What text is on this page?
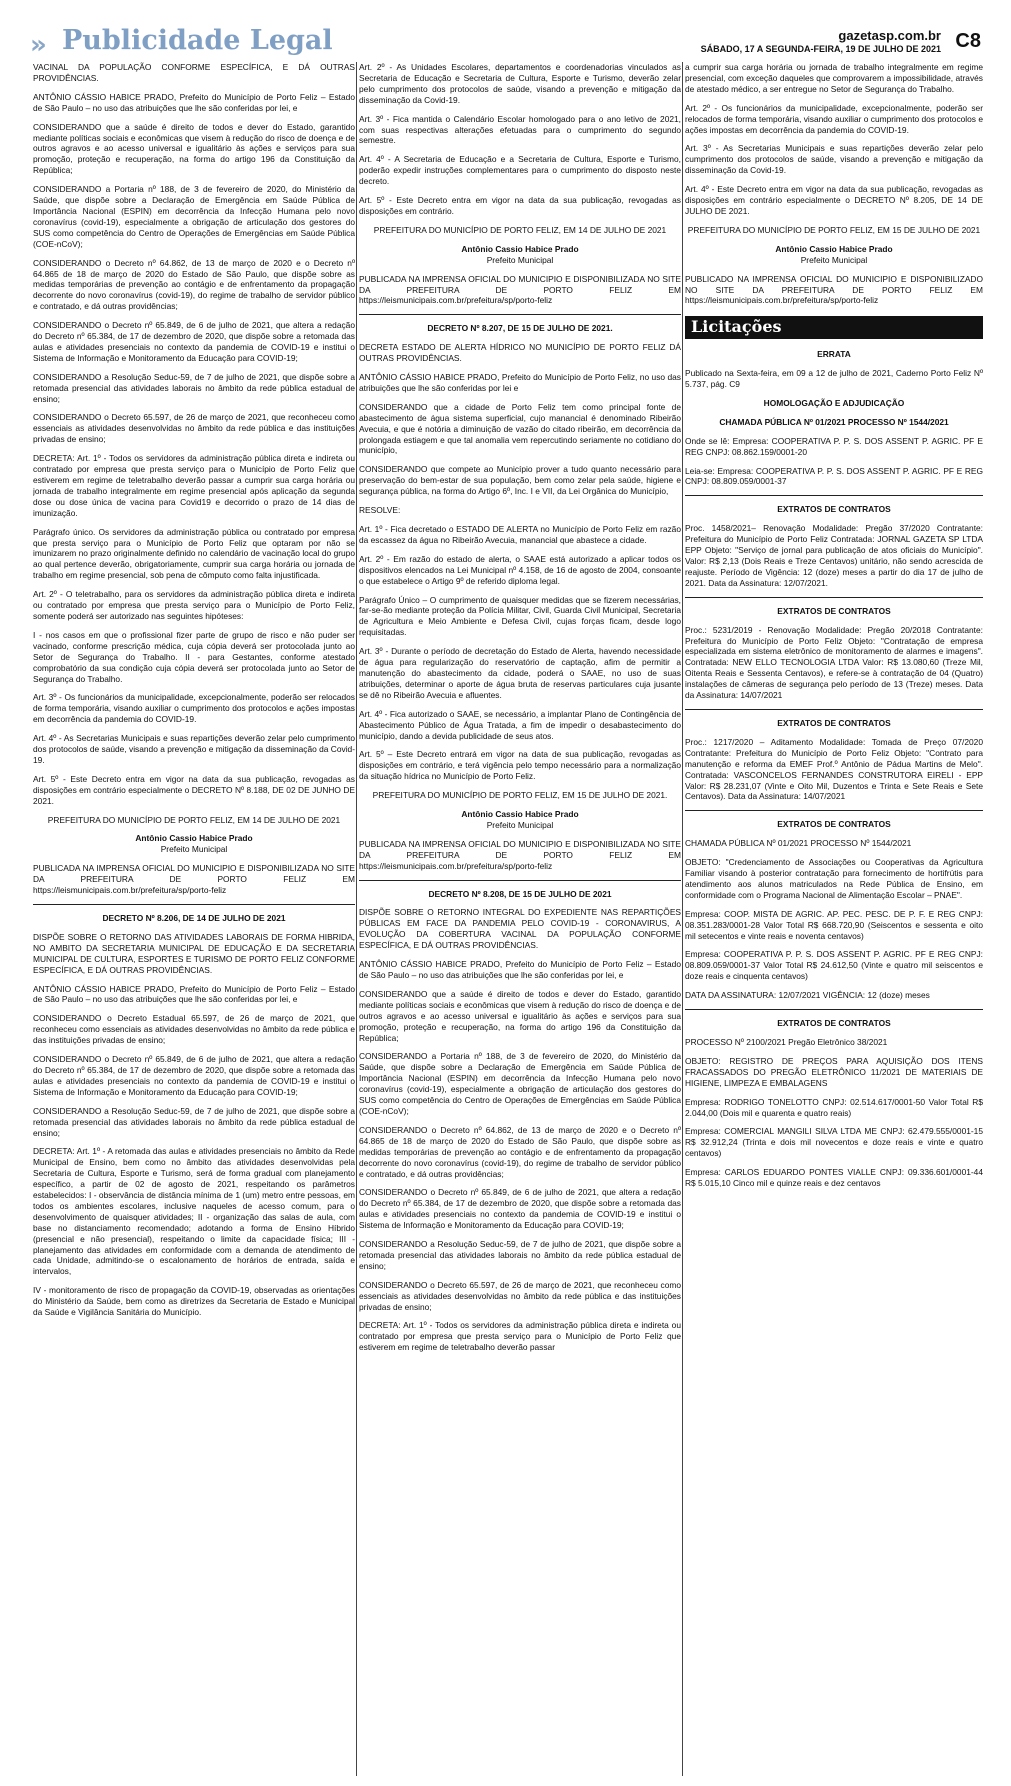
» Publicidade Legal	gazetasp.com.br
SÁBADO, 17 A SEGUNDA-FEIRA, 19 DE JULHO DE 2021 C8

VACINAL DA POPULAÇÃO CONFORME ESPECÍFICA, E DÁ OUTRAS PROVIDÊNCIAS.

ANTÔNIO CÁSSIO HABICE PRADO, Prefeito do Município de Porto Feliz – Estado de São Paulo – no uso das atribuições que lhe são conferidas por lei, e

CONSIDERANDO que a saúde é direito de todos e dever do Estado, garantido mediante políticas sociais e econômicas que visem à redução do risco de doença e de outros agravos e ao acesso universal e igualitário às ações e serviços para sua promoção, proteção e recuperação, na forma do artigo 196 da Constituição da República;

CONSIDERANDO a Portaria nº 188, de 3 de fevereiro de 2020, do Ministério da Saúde, que dispõe sobre a Declaração de Emergência em Saúde Pública de Importância Nacional (ESPIN) em decorrência da Infecção Humana pelo novo coronavírus (covid-19), especialmente a obrigação de articulação dos gestores do SUS como competência do Centro de Operações de Emergências em Saúde Pública (COE-nCoV);

CONSIDERANDO o Decreto nº 64.862, de 13 de março de 2020 e o Decreto nº 64.865 de 18 de março de 2020 do Estado de São Paulo, que dispõe sobre as medidas temporárias de prevenção ao contágio e de enfrentamento da propagação decorrente do novo coronavírus (covid-19), do regime de trabalho de servidor público e contratado, e dá outras providências;

CONSIDERANDO o Decreto nº 65.849, de 6 de julho de 2021, que altera a redação do Decreto nº 65.384, de 17 de dezembro de 2020, que dispõe sobre a retomada das aulas e atividades presenciais no contexto da pandemia de COVID-19 e institui o Sistema de Informação e Monitoramento da Educação para COVID-19;

CONSIDERANDO a Resolução Seduc-59, de 7 de julho de 2021, que dispõe sobre a retomada presencial das atividades laborais no âmbito da rede pública estadual de ensino;

CONSIDERANDO o Decreto 65.597, de 26 de março de 2021, que reconheceu como essenciais as atividades desenvolvidas no âmbito da rede pública e das instituições privadas de ensino;

DECRETA: Art. 1º - Todos os servidores da administração pública direta e indireta ou contratado por empresa que presta serviço para o Município de Porto Feliz que estiverem em regime de teletrabalho deverão passar a cumprir sua carga horária ou jornada de trabalho integralmente em regime presencial após aplicação da segunda dose ou dose única de vacina para Covid19 e decorrido o prazo de 14 dias de imunização.

Parágrafo único. Os servidores da administração pública ou contratado por empresa que presta serviço para o Município de Porto Feliz que optaram por não se imunizarem no prazo originalmente definido no calendário de vacinação local do grupo ao qual pertence deverão, obrigatoriamente, cumprir sua carga horária ou jornada de trabalho em regime presencial, sob pena de cômputo como falta injustificada.

Art. 2º - O teletrabalho, para os servidores da administração pública direta e indireta ou contratado por empresa que presta serviço para o Município de Porto Feliz, somente poderá ser autorizado nas seguintes hipóteses:

I - nos casos em que o profissional fizer parte de grupo de risco e não puder ser vacinado, conforme prescrição médica, cuja cópia deverá ser protocolada junto ao Setor de Segurança do Trabalho. II - para Gestantes, conforme atestado comprobatório da sua condição cuja cópia deverá ser protocolada junto ao Setor de Segurança do Trabalho.

Art. 3º - Os funcionários da municipalidade, excepcionalmente, poderão ser relocados de forma temporária, visando auxiliar o cumprimento dos protocolos e ações impostas em decorrência da pandemia do COVID-19.

Art. 4º - As Secretarias Municipais e suas repartições deverão zelar pelo cumprimento dos protocolos de saúde, visando a prevenção e mitigação da disseminação da Covid-19.

Art. 5º - Este Decreto entra em vigor na data da sua publicação, revogadas as disposições em contrário especialmente o DECRETO Nº 8.188, DE 02 DE JUNHO DE 2021.

PREFEITURA DO MUNICÍPIO DE PORTO FELIZ, EM 14 DE JULHO DE 2021

Antônio Cassio Habice Prado

Prefeito Municipal

PUBLICADA NA IMPRENSA OFICIAL DO MUNICIPIO E DISPONIBILIZADA NO SITE DA PREFEITURA DE PORTO FELIZ EM https://leismunicipais.com.br/prefeitura/sp/porto-feliz

DECRETO Nº 8.206, DE 14 DE JULHO DE 2021

DISPÕE SOBRE O RETORNO DAS ATIVIDADES LABORAIS DE FORMA HIBRIDA, NO AMBITO DA SECRETARIA MUNICIPAL DE EDUCAÇÃO E DA SECRETARIA MUNICIPAL DE CULTURA, ESPORTES E TURISMO DE PORTO FELIZ CONFORME ESPECÍFICA, E DÁ OUTRAS PROVIDÊNCIAS.

ANTÔNIO CÁSSIO HABICE PRADO, Prefeito do Município de Porto Feliz – Estado de São Paulo – no uso das atribuições que lhe são conferidas por lei, e

CONSIDERANDO o Decreto Estadual 65.597, de 26 de março de 2021, que reconheceu como essenciais as atividades desenvolvidas no âmbito da rede pública e das instituições privadas de ensino;

CONSIDERANDO o Decreto nº 65.849, de 6 de julho de 2021, que altera a redação do Decreto nº 65.384, de 17 de dezembro de 2020, que dispõe sobre a retomada das aulas e atividades presenciais no contexto da pandemia de COVID-19 e institui o Sistema de Informação e Monitoramento da Educação para COVID-19;

CONSIDERANDO a Resolução Seduc-59, de 7 de julho de 2021, que dispõe sobre a retomada presencial das atividades laborais no âmbito da rede pública estadual de ensino;

DECRETA: Art. 1º - A retomada das aulas e atividades presenciais no âmbito da Rede Municipal de Ensino, bem como no âmbito das atividades desenvolvidas pela Secretaria de Cultura, Esporte e Turismo, será de forma gradual com planejamento específico, a partir de 02 de agosto de 2021, respeitando os parâmetros estabelecidos: I - observância de distância mínima de 1 (um) metro entre pessoas, em todos os ambientes escolares, inclusive naqueles de acesso comum, para o desenvolvimento de quaisquer atividades; II - organização das salas de aula, com base no distanciamento recomendado; adotando a forma de Ensino Híbrido (presencial e não presencial), respeitando o limite da capacidade física; III - planejamento das atividades em conformidade com a demanda de atendimento de cada Unidade, admitindo-se o escalonamento de horários de entrada, saída e intervalos,

IV - monitoramento de risco de propagação da COVID-19, observadas as orientações do Ministério da Saúde, bem como as diretrizes da Secretaria de Estado e Municipal da Saúde e Vigilância Sanitária do Município.

Art. 2º - As Unidades Escolares, departamentos e coordenadorias vinculados as Secretaria de Educação e Secretaria de Cultura, Esporte e Turismo, deverão zelar pelo cumprimento dos protocolos de saúde, visando a prevenção e mitigação da disseminação da Covid-19.

Art. 3º - Fica mantida o Calendário Escolar homologado para o ano letivo de 2021, com suas respectivas alterações efetuadas para o cumprimento do segundo semestre.

Art. 4º - A Secretaria de Educação e a Secretaria de Cultura, Esporte e Turismo, poderão expedir instruções complementares para o cumprimento do disposto neste decreto.

Art. 5º - Este Decreto entra em vigor na data da sua publicação, revogadas as disposições em contrário.

PREFEITURA DO MUNICÍPIO DE PORTO FELIZ, EM 14 DE JULHO DE 2021

Antônio Cassio Habice Prado

Prefeito Municipal

PUBLICADA NA IMPRENSA OFICIAL DO MUNICIPIO E DISPONIBILIZADA NO SITE DA PREFEITURA DE PORTO FELIZ EM https://leismunicipais.com.br/prefeitura/sp/porto-feliz

DECRETO Nº 8.207, DE 15 DE JULHO DE 2021.

DECRETA ESTADO DE ALERTA HÍDRICO NO MUNICÍPIO DE PORTO FELIZ DÁ OUTRAS PROVIDÊNCIAS.

ANTÔNIO CÁSSIO HABICE PRADO, Prefeito do Município de Porto Feliz, no uso das atribuições que lhe são conferidas por lei e

CONSIDERANDO que a cidade de Porto Feliz tem como principal fonte de abastecimento de água sistema superficial, cujo manancial é denominado Ribeirão Avecuia, e que é notória a diminuição de vazão do citado ribeirão, em decorrência da prolongada estiagem e que tal anomalia vem repercutindo seriamente no cotidiano do município,

CONSIDERANDO que compete ao Município prover a tudo quanto necessário para preservação do bem-estar de sua população, bem como zelar pela saúde, higiene e segurança pública, na forma do Artigo 6º, Inc. I e VII, da Lei Orgânica do Município,

RESOLVE:

Art. 1º - Fica decretado o ESTADO DE ALERTA no Município de Porto Feliz em razão da escassez da água no Ribeirão Avecuia, manancial que abastece a cidade.

Art. 2º - Em razão do estado de alerta, o SAAE está autorizado a aplicar todos os dispositivos elencados na Lei Municipal nº 4.158, de 16 de agosto de 2004, consoante o que estabelece o Artigo 9º de referido diploma legal.

Parágrafo Único – O cumprimento de quaisquer medidas que se fizerem necessárias, far-se-ão mediante proteção da Polícia Militar, Civil, Guarda Civil Municipal, Secretaria de Agricultura e Meio Ambiente e Defesa Civil, cujas forças ficam, desde logo requisitadas.

Art. 3º - Durante o período de decretação do Estado de Alerta, havendo necessidade de água para regularização do reservatório de captação, afim de permitir a manutenção do abastecimento da cidade, poderá o SAAE, no uso de suas atribuições, determinar o aporte de água bruta de reservas particulares cuja jusante se dê no Ribeirão Avecuia e afluentes.

Art. 4º - Fica autorizado o SAAE, se necessário, a implantar Plano de Contingência de Abastecimento Público de Água Tratada, a fim de impedir o desabastecimento do município, dando a devida publicidade de seus atos.

Art. 5º – Este Decreto entrará em vigor na data de sua publicação, revogadas as disposições em contrário, e terá vigência pelo tempo necessário para a normalização da situação hídrica no Município de Porto Feliz.

PREFEITURA DO MUNICÍPIO DE PORTO FELIZ, EM 15 DE JULHO DE 2021.

Antônio Cassio Habice Prado

Prefeito Municipal

PUBLICADA NA IMPRENSA OFICIAL DO MUNICIPIO E DISPONIBILIZADA NO SITE DA PREFEITURA DE PORTO FELIZ EM https://leismunicipais.com.br/prefeitura/sp/porto-feliz

DECRETO Nº 8.208, DE 15 DE JULHO DE 2021

DISPÕE SOBRE O RETORNO INTEGRAL DO EXPEDIENTE NAS REPARTIÇÕES PÚBLICAS EM FACE DA PANDEMIA PELO COVID-19 - CORONAVIRUS, A EVOLUÇÃO DA COBERTURA VACINAL DA POPULAÇÃO CONFORME ESPECÍFICA, E DÁ OUTRAS PROVIDÊNCIAS.

ANTÔNIO CÁSSIO HABICE PRADO, Prefeito do Município de Porto Feliz – Estado de São Paulo – no uso das atribuições que lhe são conferidas por lei, e

CONSIDERANDO que a saúde é direito de todos e dever do Estado, garantido mediante políticas sociais e econômicas que visem à redução do risco de doença e de outros agravos e ao acesso universal e igualitário às ações e serviços para sua promoção, proteção e recuperação, na forma do artigo 196 da Constituição da República;

CONSIDERANDO a Portaria nº 188, de 3 de fevereiro de 2020, do Ministério da Saúde, que dispõe sobre a Declaração de Emergência em Saúde Pública de Importância Nacional (ESPIN) em decorrência da Infecção Humana pelo novo coronavírus (covid-19), especialmente a obrigação de articulação dos gestores do SUS como competência do Centro de Operações de Emergências em Saúde Pública (COE-nCoV);

CONSIDERANDO o Decreto nº 64.862, de 13 de março de 2020 e o Decreto nº 64.865 de 18 de março de 2020 do Estado de São Paulo, que dispõe sobre as medidas temporárias de prevenção ao contágio e de enfrentamento da propagação decorrente do novo coronavírus (covid-19), do regime de trabalho de servidor público e contratado, e dá outras providências;

CONSIDERANDO o Decreto nº 65.849, de 6 de julho de 2021, que altera a redação do Decreto nº 65.384, de 17 de dezembro de 2020, que dispõe sobre a retomada das aulas e atividades presenciais no contexto da pandemia de COVID-19 e institui o Sistema de Informação e Monitoramento da Educação para COVID-19;

CONSIDERANDO a Resolução Seduc-59, de 7 de julho de 2021, que dispõe sobre a retomada presencial das atividades laborais no âmbito da rede pública estadual de ensino;

CONSIDERANDO o Decreto 65.597, de 26 de março de 2021, que reconheceu como essenciais as atividades desenvolvidas no âmbito da rede pública e das instituições privadas de ensino;

DECRETA: Art. 1º - Todos os servidores da administração pública direta e indireta ou contratado por empresa que presta serviço para o Município de Porto Feliz que estiverem em regime de teletrabalho deverão passar

a cumprir sua carga horária ou jornada de trabalho integralmente em regime presencial, com exceção daqueles que comprovarem a impossibilidade, através de atestado médico, a ser entregue no Setor de Segurança do Trabalho.

Art. 2º - Os funcionários da municipalidade, excepcionalmente, poderão ser relocados de forma temporária, visando auxiliar o cumprimento dos protocolos e ações impostas em decorrência da pandemia do COVID-19.

Art. 3º - As Secretarias Municipais e suas repartições deverão zelar pelo cumprimento dos protocolos de saúde, visando a prevenção e mitigação da disseminação da Covid-19.

Art. 4º - Este Decreto entra em vigor na data da sua publicação, revogadas as disposições em contrário especialmente o DECRETO Nº 8.205, DE 14 DE JULHO DE 2021.

PREFEITURA DO MUNICÍPIO DE PORTO FELIZ, EM 15 DE JULHO DE 2021

Antônio Cassio Habice Prado

Prefeito Municipal

PUBLICADO NA IMPRENSA OFICIAL DO MUNICIPIO E DISPONIBILIZADO NO SITE DA PREFEITURA DE PORTO FELIZ EM https://leismunicipais.com.br/prefeitura/sp/porto-feliz

Licitações

ERRATA

Publicado na Sexta-feira, em 09 a 12 de julho de 2021, Caderno Porto Feliz Nº 5.737, pág. C9

HOMOLOGAÇÃO E ADJUDICAÇÃO

CHAMADA PÚBLICA Nº 01/2021 PROCESSO Nº 1544/2021

Onde se lê: Empresa: COOPERATIVA P. P. S. DOS ASSENT P. AGRIC. PF E REG CNPJ: 08.862.159/0001-20

Leia-se: Empresa: COOPERATIVA P. P. S. DOS ASSENT P. AGRIC. PF E REG CNPJ: 08.809.059/0001-37

EXTRATOS DE CONTRATOS

Proc. 1458/2021– Renovação Modalidade: Pregão 37/2020 Contratante: Prefeitura do Município de Porto Feliz Contratada: JORNAL GAZETA SP LTDA EPP Objeto: "Serviço de jornal para publicação de atos oficiais do Município". Valor: R$ 2,13 (Dois Reais e Treze Centavos) unitário, não sendo acrescida de reajuste. Período de Vigência: 12 (doze) meses a partir do dia 17 de julho de 2021. Data da Assinatura: 12/07/2021.

EXTRATOS DE CONTRATOS

Proc.: 5231/2019 - Renovação Modalidade: Pregão 20/2018 Contratante: Prefeitura do Município de Porto Feliz Objeto: "Contratação de empresa especializada em sistema eletrônico de monitoramento de alarmes e imagens". Contratada: NEW ELLO TECNOLOGIA LTDA Valor: R$ 13.080,60 (Treze Mil, Oitenta Reais e Sessenta Centavos), e refere-se à contratação de 04 (Quatro) instalações de câmeras de segurança pelo período de 13 (Treze) meses. Data da Assinatura: 14/07/2021

EXTRATOS DE CONTRATOS

Proc.: 1217/2020 – Aditamento Modalidade: Tomada de Preço 07/2020 Contratante: Prefeitura do Município de Porto Feliz Objeto: "Contrato para manutenção e reforma da EMEF Prof.º Antônio de Pádua Martins de Melo". Contratada: VASCONCELOS FERNANDES CONSTRUTORA EIRELI - EPP Valor: R$ 28.231,07 (Vinte e Oito Mil, Duzentos e Trinta e Sete Reais e Sete Centavos). Data da Assinatura: 14/07/2021

EXTRATOS DE CONTRATOS

CHAMADA PÚBLICA Nº 01/2021 PROCESSO Nº 1544/2021

OBJETO: "Credenciamento de Associações ou Cooperativas da Agricultura Familiar visando à posterior contratação para fornecimento de hortifrútis para atendimento aos alunos matriculados na Rede Pública de Ensino, em conformidade com o Programa Nacional de Alimentação Escolar – PNAE".

Empresa: COOP. MISTA DE AGRIC. AP. PEC. PESC. DE P. F. E REG CNPJ: 08.351.283/0001-28 Valor Total R$ 668.720,90 (Seiscentos e sessenta e oito mil setecentos e vinte reais e noventa centavos)

Empresa: COOPERATIVA P. P. S. DOS ASSENT P. AGRIC. PF E REG CNPJ: 08.809.059/0001-37 Valor Total R$ 24.612,50 (Vinte e quatro mil seiscentos e doze reais e cinquenta centavos)

DATA DA ASSINATURA: 12/07/2021 VIGÊNCIA: 12 (doze) meses

EXTRATOS DE CONTRATOS

PROCESSO Nº 2100/2021 Pregão Eletrônico 38/2021

OBJETO: REGISTRO DE PREÇOS PARA AQUISIÇÃO DOS ITENS FRACASSADOS DO PREGÃO ELETRÔNICO 11/2021 DE MATERIAIS DE HIGIENE, LIMPEZA E EMBALAGENS

Empresa: RODRIGO TONELOTTO CNPJ: 02.514.617/0001-50 Valor Total R$ 2.044,00 (Dois mil e quarenta e quatro reais)

Empresa: COMERCIAL MANGILI SILVA LTDA ME CNPJ: 62.479.555/0001-15 R$ 32.912,24 (Trinta e dois mil novecentos e doze reais e vinte e quatro centavos)

Empresa: CARLOS EDUARDO PONTES VIALLE CNPJ: 09.336.601/0001-44 R$ 5.015,10 Cinco mil e quinze reais e dez centavos
